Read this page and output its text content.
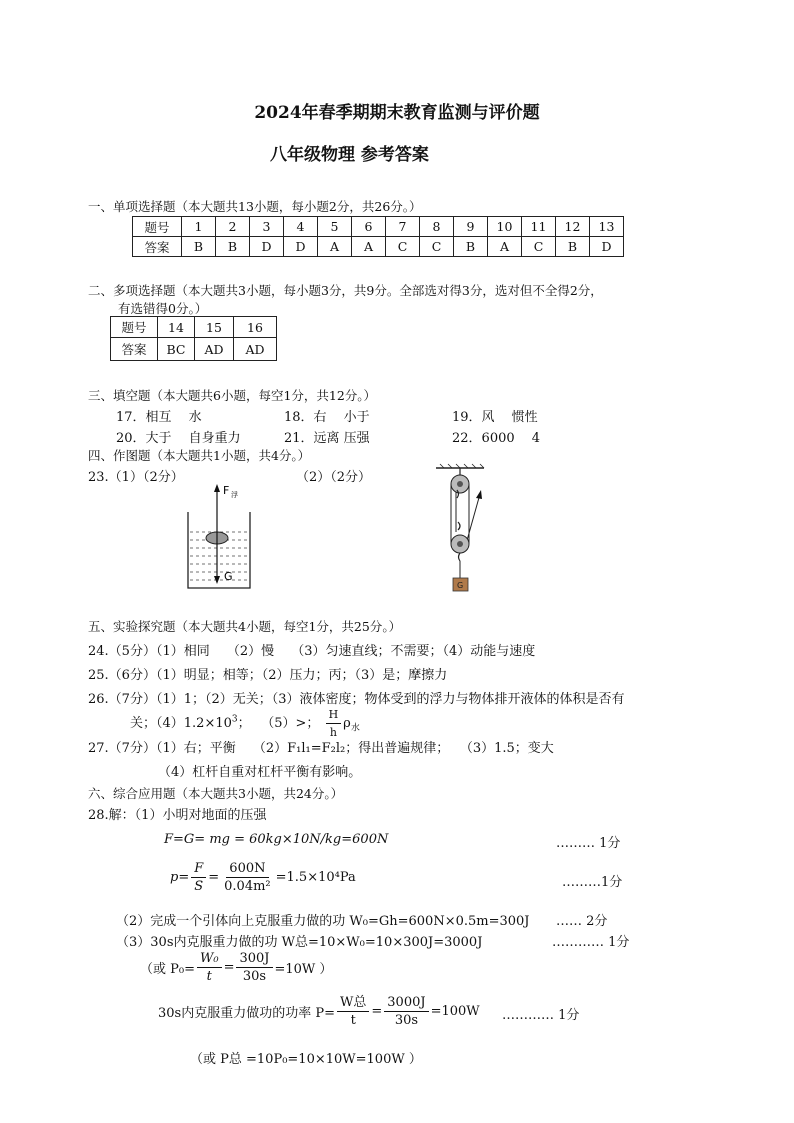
2024年春季期期末教育监测与评价题
八年级物理 参考答案
一、单项选择题（本大题共13小题，每小题2分，共26分。）
题号	1	2	3	4	5	6	7	8	9	10	11	12	13
答案	B	B	D	D	A	A	C	C	B	A	C	B	D
二、多项选择题（本大题共3小题，每小题3分，共9分。全部选对得3分，选对但不全得2分，
有选错得0分。）
题号	14	15	16
答案	BC	AD	AD
三、填空题（本大题共6小题，每空1分，共12分。）
17．相互　 水	18．右　 小于	19．风　 惯性
20．大于　 自身重力	21．远离 压强	22．6000　 4
四、作图题（本大题共1小题，共4分。）
23.（1）（2分）	（2）（2分）
F 浮
G
G
五、实验探究题（本大题共4小题，每空1分，共25分。）
24.（5分）（1）相同　 （2）慢　 （3）匀速直线；不需要；（4）动能与速度
25.（6分）（1）明显；相等；（2）压力；丙；（3）是；摩擦力
26.（7分）（1）1；（2）无关；（3）液体密度；物体受到的浮力与物体排开液体的体积是否有
关；$(4)1.2\times 10^3$；　 （5）>； $\frac{H}{h} \rho_水$
27.（7分）（1）右；平衡　 （2）F₁l₁=F₂l₂；得出普遍规律；　 （3）1.5；变大
（4）杠杆自重对杠杆平衡有影响。
六、综合应用题（本大题共3小题，共24分。）
28.解：（1）小明对地面的压强
F=G= mg = 60kg×10N/kg=600N	……… 1分
$p= \frac{F}{S} = \frac{600N}{\text{0.04m²}} =1.5\times 10^4Pa$	………1分
（2）完成一个引体向上克服重力做的功 W₀=Gh=600N×0.5m=300J …… 2分
（3）30s内克服重力做的功 W总=10×W₀=10×300J=3000J	………… 1分
（或 $P_0= \frac{\text{W₀}}{t} = \frac{300J}{30s} =10W$ ）
30s内克服重力做功的功率 $P= \frac{\text{W总}}{t} = \frac{3000J}{30s} =100W$ ………… 1分
（或 P总 =10P₀=10×10W=100W ）
